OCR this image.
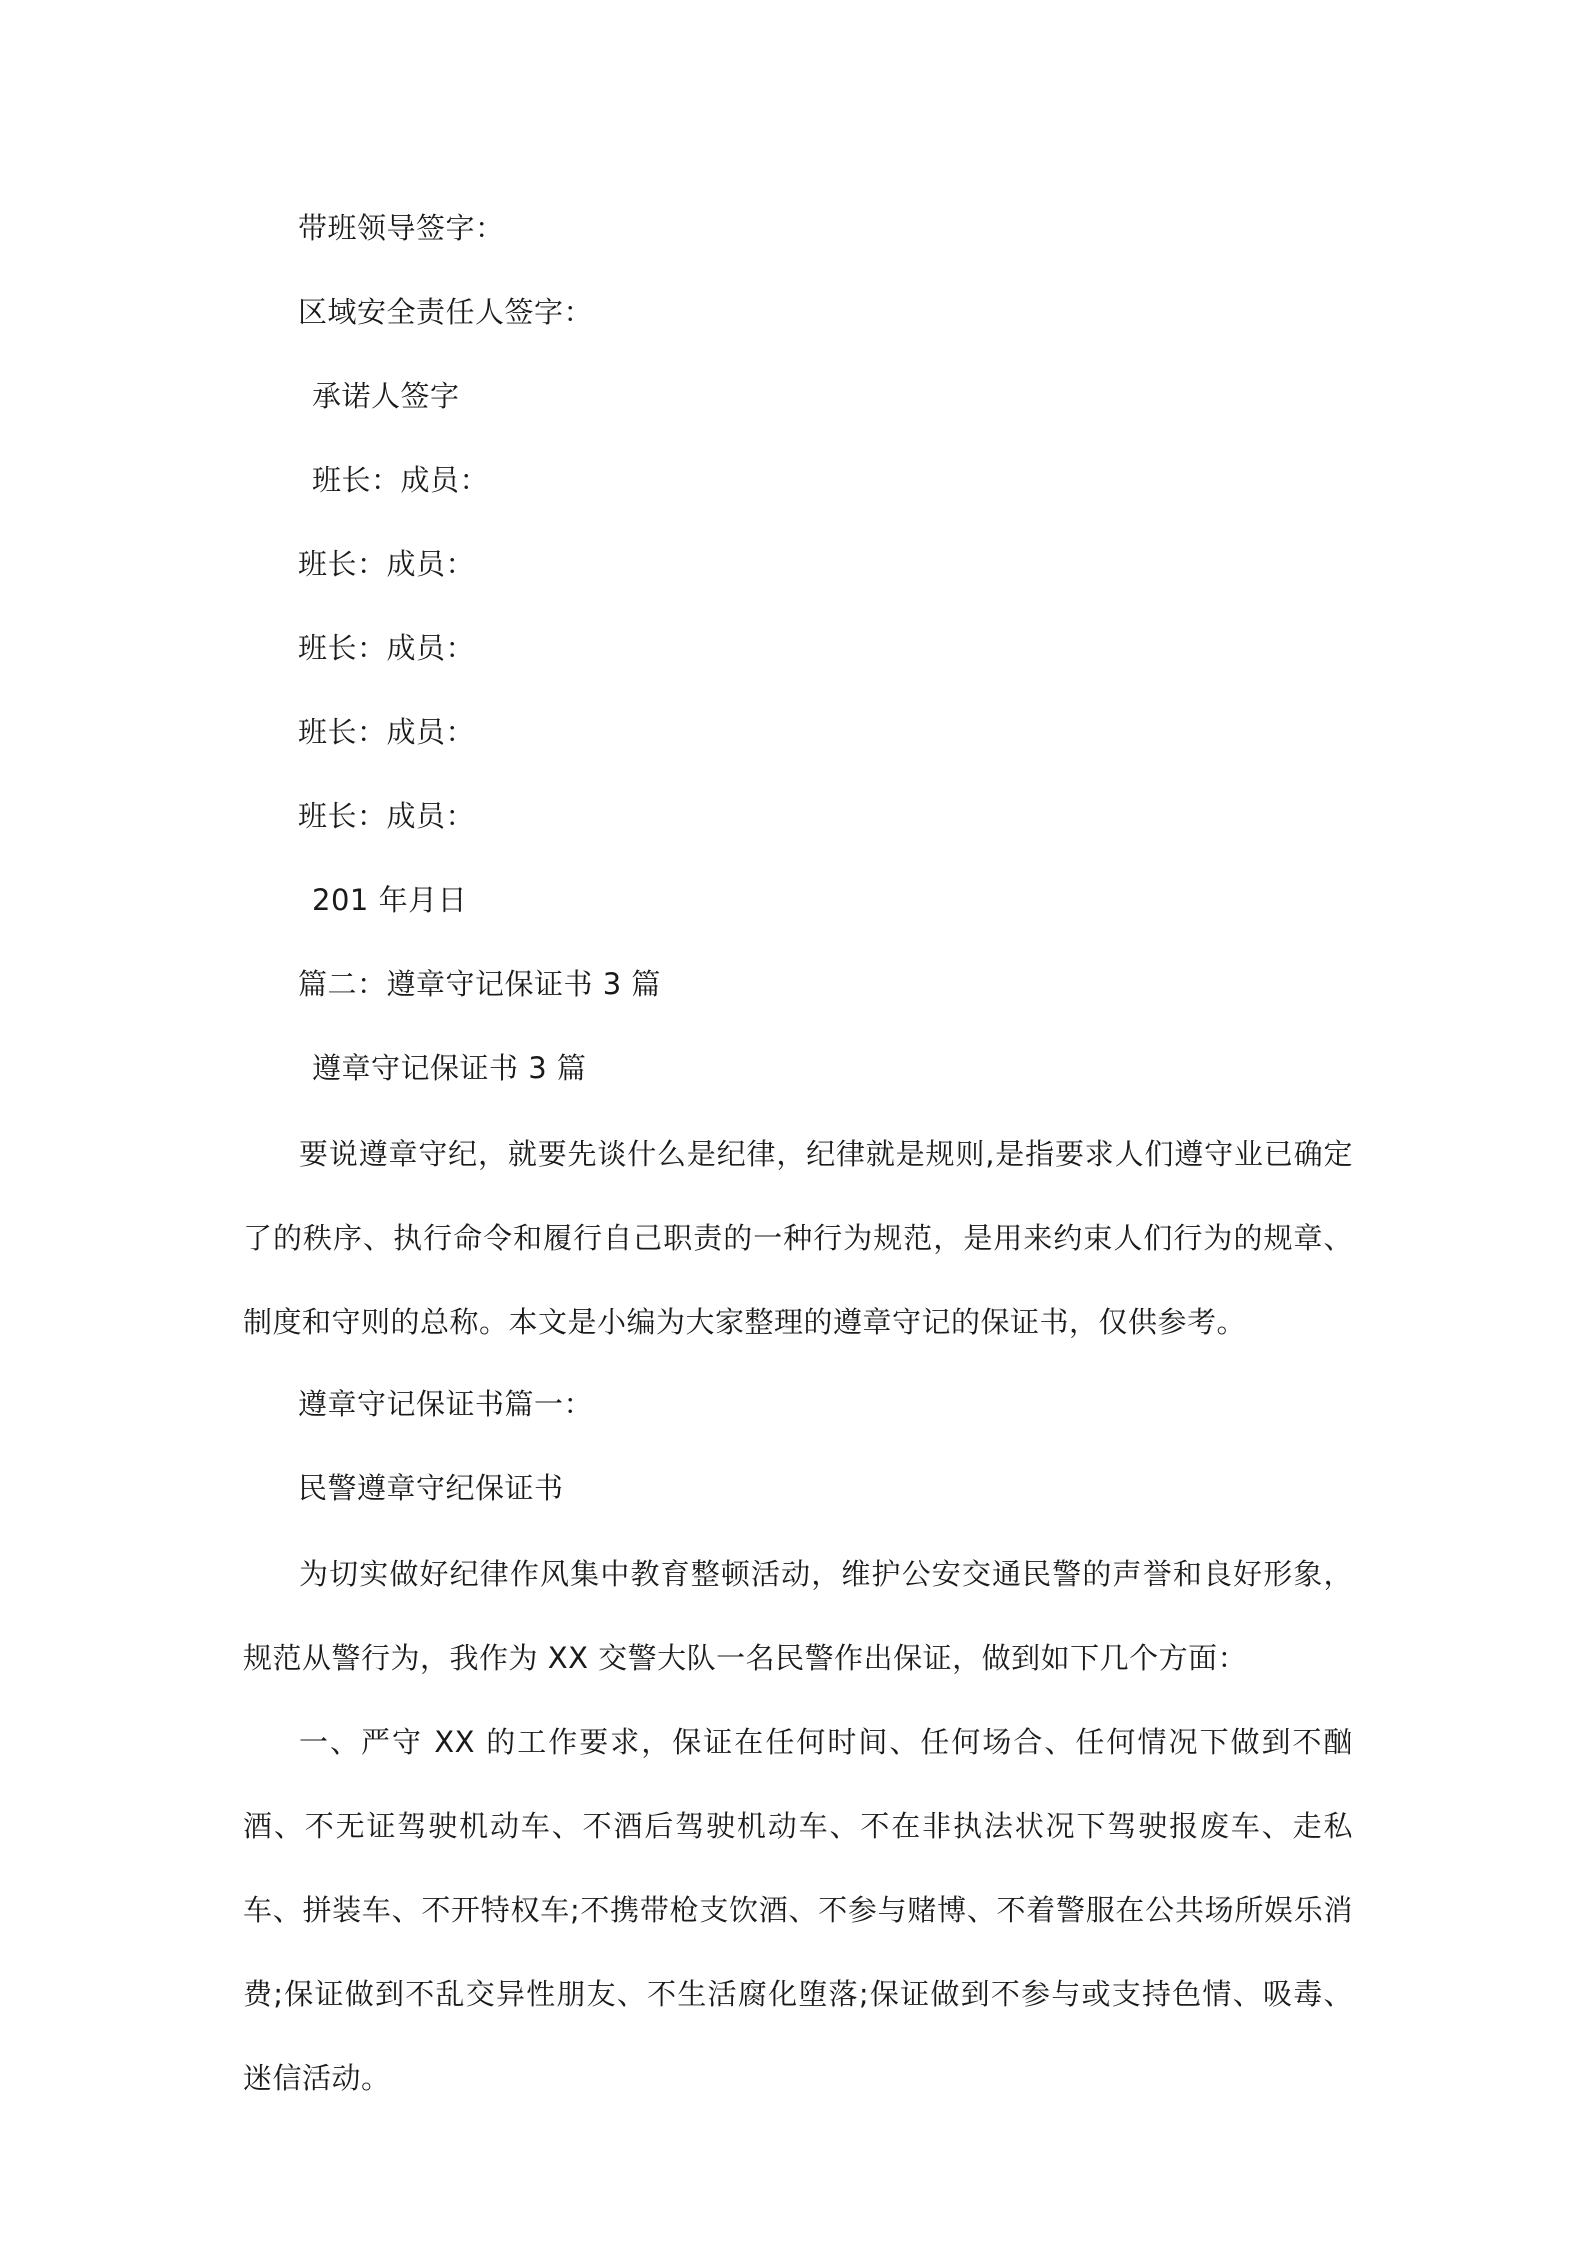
带班领导签字：
区域安全责任人签字：
承诺人签字
班长：成员：
班长：成员：
班长：成员：
班长：成员：
班长：成员：
201 年月日
篇二：遵章守记保证书 3 篇
遵章守记保证书 3 篇
要说遵章守纪，就要先谈什么是纪律，纪律就是规则,是指要求人们遵守业已确定了的秩序、执行命令和履行自己职责的一种行为规范，是用来约束人们行为的规章、制度和守则的总称。本文是小编为大家整理的遵章守记的保证书，仅供参考。
遵章守记保证书篇一：
民警遵章守纪保证书
为切实做好纪律作风集中教育整顿活动，维护公安交通民警的声誉和良好形象，规范从警行为，我作为 XX 交警大队一名民警作出保证，做到如下几个方面：
一、严守 XX 的工作要求，保证在任何时间、任何场合、任何情况下做到不酗酒、不无证驾驶机动车、不酒后驾驶机动车、不在非执法状况下驾驶报废车、走私车、拼装车、不开特权车;不携带枪支饮酒、不参与赌博、不着警服在公共场所娱乐消费;保证做到不乱交异性朋友、不生活腐化堕落;保证做到不参与或支持色情、吸毒、迷信活动。
